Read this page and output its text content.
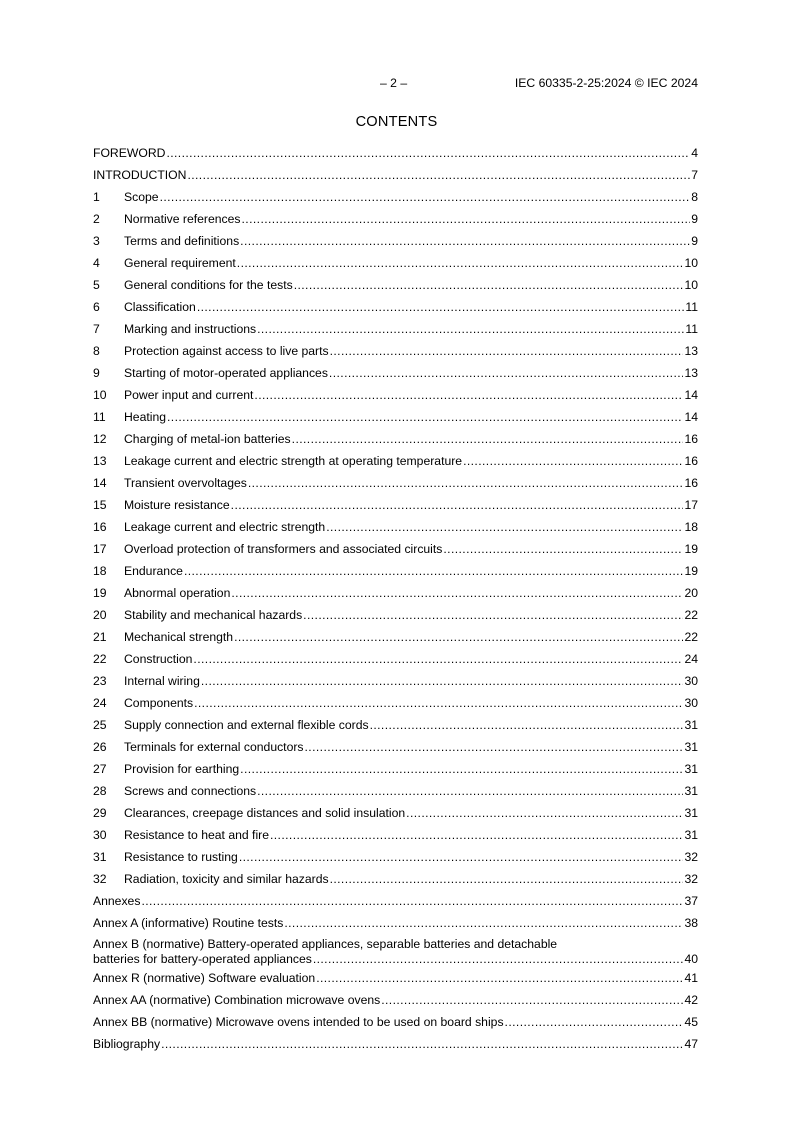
– 2 –	IEC 60335-2-25:2024 © IEC 2024
CONTENTS
FOREWORD .....	4
INTRODUCTION .....	7
1	Scope .....	8
2	Normative references .....	9
3	Terms and definitions .....	9
4	General requirement .....	10
5	General conditions for the tests .....	10
6	Classification .....	11
7	Marking and instructions .....	11
8	Protection against access to live parts .....	13
9	Starting of motor-operated appliances .....	13
10	Power input and current .....	14
11	Heating .....	14
12	Charging of metal-ion batteries .....	16
13	Leakage current and electric strength at operating temperature .....	16
14	Transient overvoltages .....	16
15	Moisture resistance .....	17
16	Leakage current and electric strength .....	18
17	Overload protection of transformers and associated circuits .....	19
18	Endurance .....	19
19	Abnormal operation .....	20
20	Stability and mechanical hazards .....	22
21	Mechanical strength .....	22
22	Construction .....	24
23	Internal wiring .....	30
24	Components .....	30
25	Supply connection and external flexible cords .....	31
26	Terminals for external conductors .....	31
27	Provision for earthing .....	31
28	Screws and connections .....	31
29	Clearances, creepage distances and solid insulation .....	31
30	Resistance to heat and fire .....	31
31	Resistance to rusting .....	32
32	Radiation, toxicity and similar hazards .....	32
Annexes .....	37
Annex A (informative) Routine tests .....	38
Annex B (normative) Battery-operated appliances, separable batteries and detachable
batteries for battery-operated appliances .....	40
Annex R (normative) Software evaluation .....	41
Annex AA (normative) Combination microwave ovens .....	42
Annex BB (normative) Microwave ovens intended to be used on board ships .....	45
Bibliography .....	47
